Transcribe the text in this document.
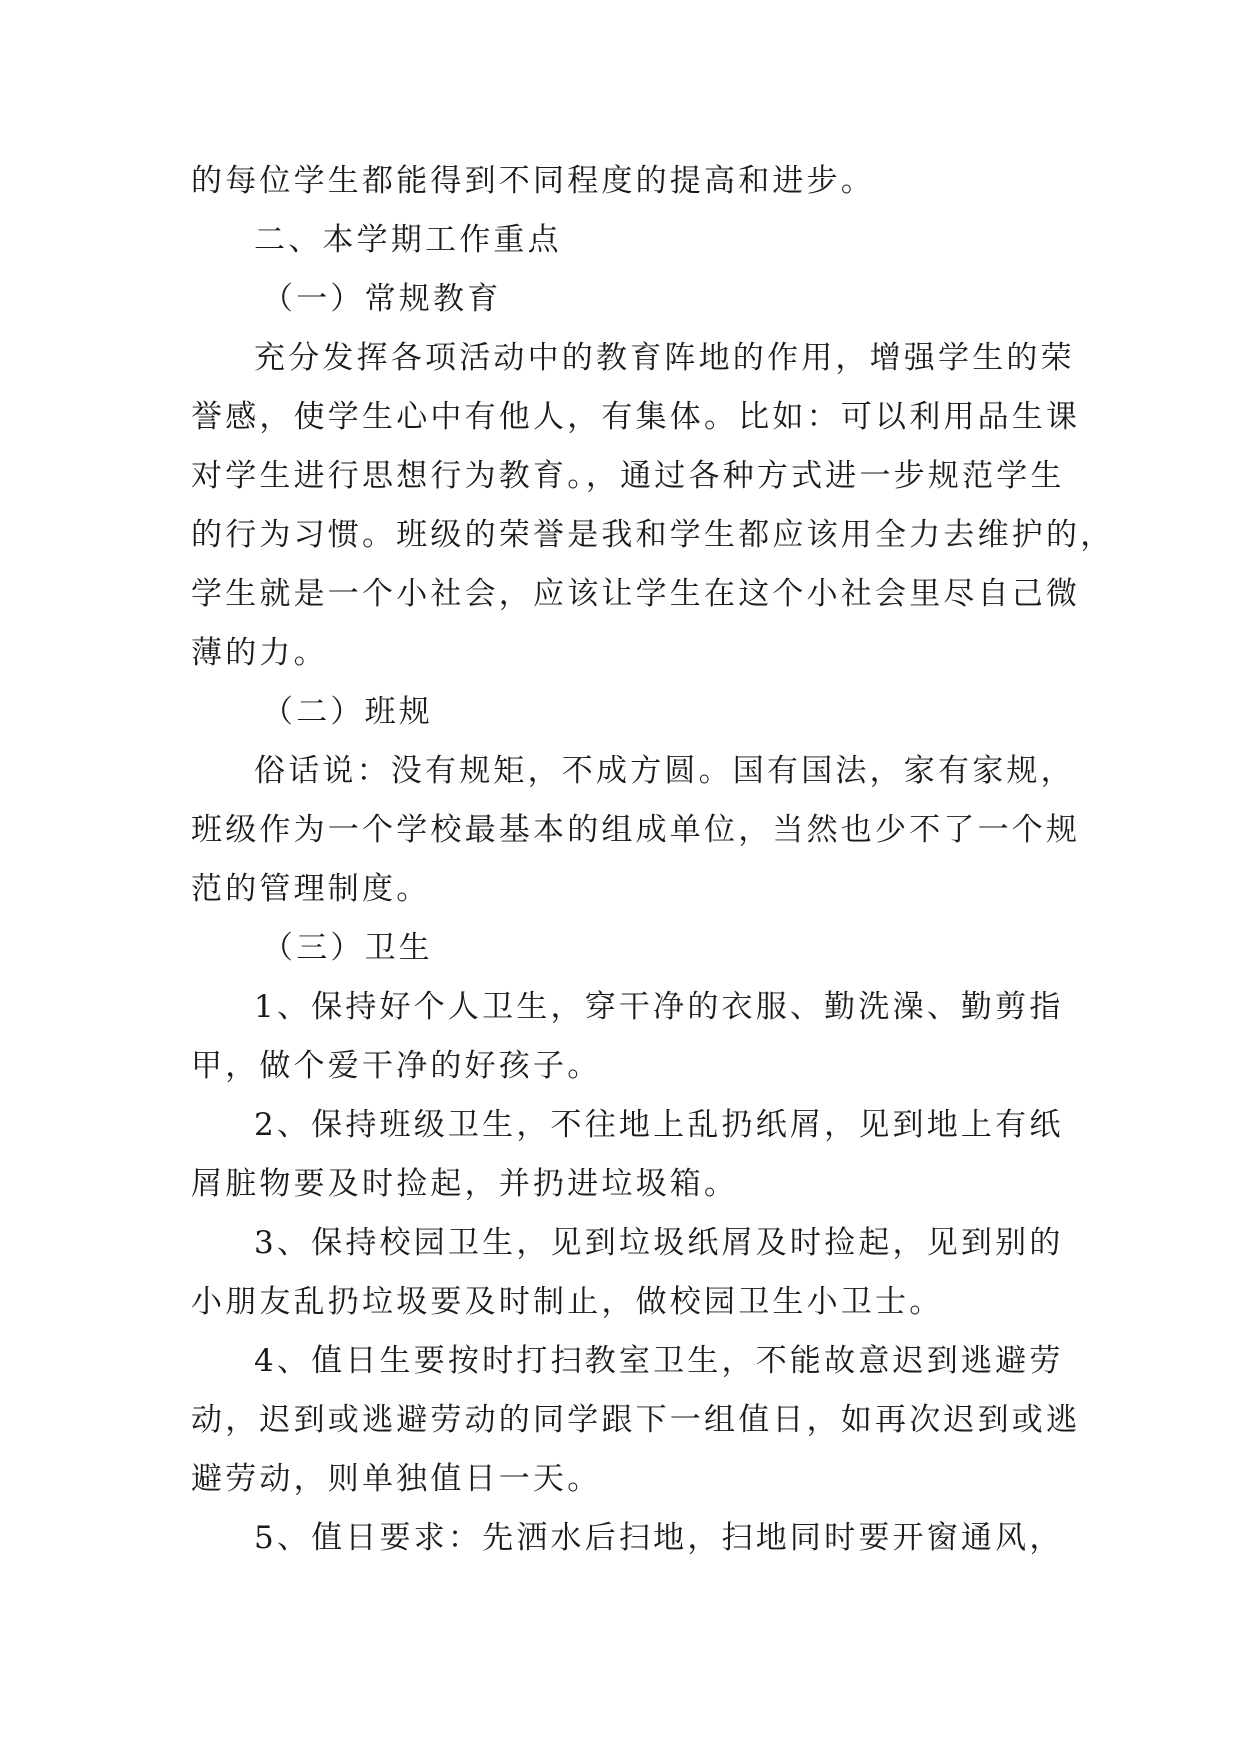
的每位学生都能得到不同程度的提高和进步。
二、本学期工作重点
（一）常规教育
充分发挥各项活动中的教育阵地的作用，增强学生的荣
誉感，使学生心中有他人，有集体。比如：可以利用品生课
对学生进行思想行为教育。，通过各种方式进一步规范学生
的行为习惯。班级的荣誉是我和学生都应该用全力去维护的，
学生就是一个小社会，应该让学生在这个小社会里尽自己微
薄的力。
（二）班规
俗话说：没有规矩，不成方圆。国有国法，家有家规，
班级作为一个学校最基本的组成单位，当然也少不了一个规
范的管理制度。
（三）卫生
1、保持好个人卫生，穿干净的衣服、勤洗澡、勤剪指
甲，做个爱干净的好孩子。
2、保持班级卫生，不往地上乱扔纸屑，见到地上有纸
屑脏物要及时捡起，并扔进垃圾箱。
3、保持校园卫生，见到垃圾纸屑及时捡起，见到别的
小朋友乱扔垃圾要及时制止，做校园卫生小卫士。
4、值日生要按时打扫教室卫生，不能故意迟到逃避劳
动，迟到或逃避劳动的同学跟下一组值日，如再次迟到或逃
避劳动，则单独值日一天。
5、值日要求：先洒水后扫地，扫地同时要开窗通风，
